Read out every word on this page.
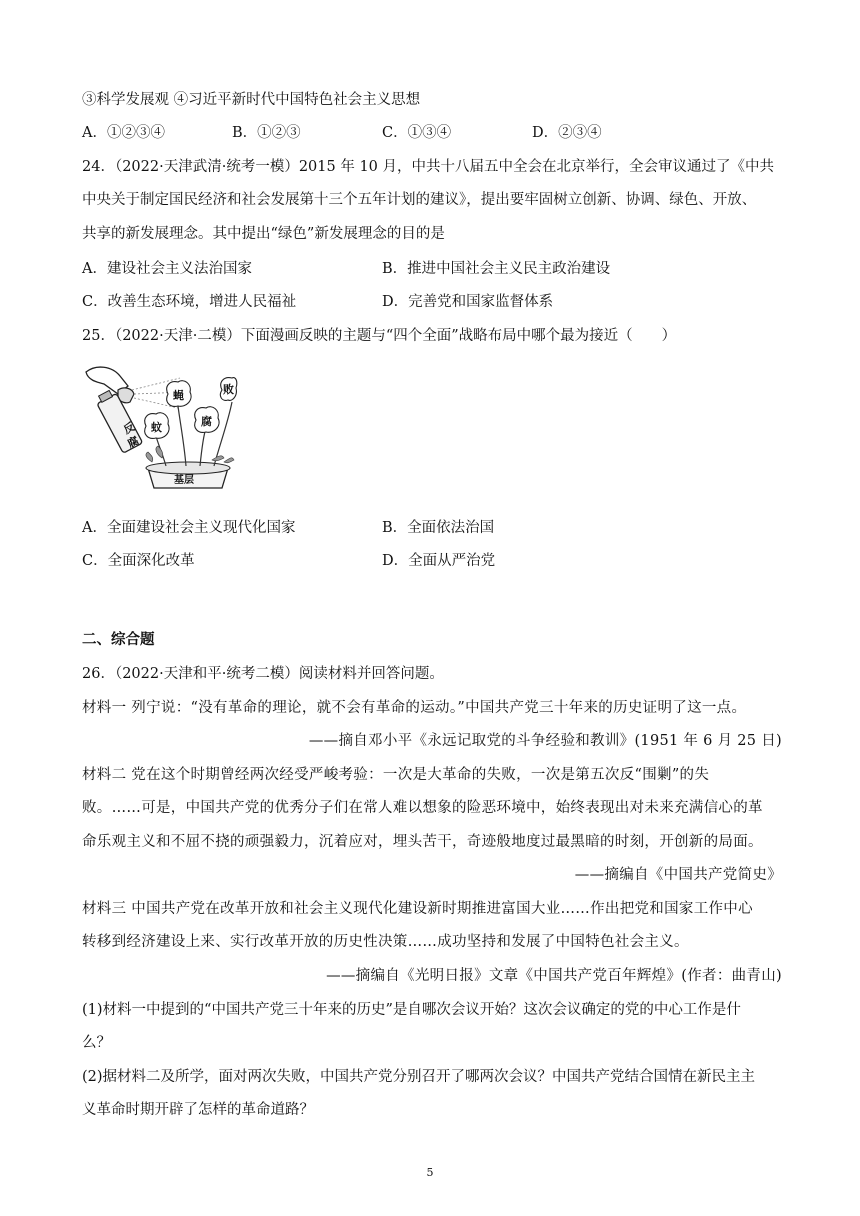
③科学发展观 ④习近平新时代中国特色社会主义思想
A．①②③④	B．①②③	C．①③④	D．②③④
24．（2022·天津武清·统考一模）2015 年 10 月，中共十八届五中全会在北京举行，全会审议通过了《中共
中央关于制定国民经济和社会发展第十三个五年计划的建议》，提出要牢固树立创新、协调、绿色、开放、
共享的新发展理念。其中提出“绿色”新发展理念的目的是
A．建设社会主义法治国家	B．推进中国社会主义民主政治建设
C．改善生态环境，增进人民福祉	D．完善党和国家监督体系
25．（2022·天津·二模）下面漫画反映的主题与“四个全面”战略布局中哪个最为接近（　　）
反
腐
基层
蚊
蝇
腐
败
A．全面建设社会主义现代化国家	B．全面依法治国
C．全面深化改革	D．全面从严治党
二、综合题
26．（2022·天津和平·统考二模）阅读材料并回答问题。
材料一 列宁说：“没有革命的理论，就不会有革命的运动。”中国共产党三十年来的历史证明了这一点。
——摘自邓小平《永远记取党的斗争经验和教训》(1951 年 6 月 25 日)
材料二 党在这个时期曾经两次经受严峻考验：一次是大革命的失败，一次是第五次反“围剿”的失
败。……可是，中国共产党的优秀分子们在常人难以想象的险恶环境中，始终表现出对未来充满信心的革
命乐观主义和不屈不挠的顽强毅力，沉着应对，埋头苦干，奇迹般地度过最黑暗的时刻，开创新的局面。
——摘编自《中国共产党简史》
材料三 中国共产党在改革开放和社会主义现代化建设新时期推进富国大业……作出把党和国家工作中心
转移到经济建设上来、实行改革开放的历史性决策……成功坚持和发展了中国特色社会主义。
——摘编自《光明日报》文章《中国共产党百年辉煌》(作者：曲青山)
(1)材料一中提到的“中国共产党三十年来的历史”是自哪次会议开始？这次会议确定的党的中心工作是什
么？
(2)据材料二及所学，面对两次失败，中国共产党分别召开了哪两次会议？中国共产党结合国情在新民主主
义革命时期开辟了怎样的革命道路？
5
